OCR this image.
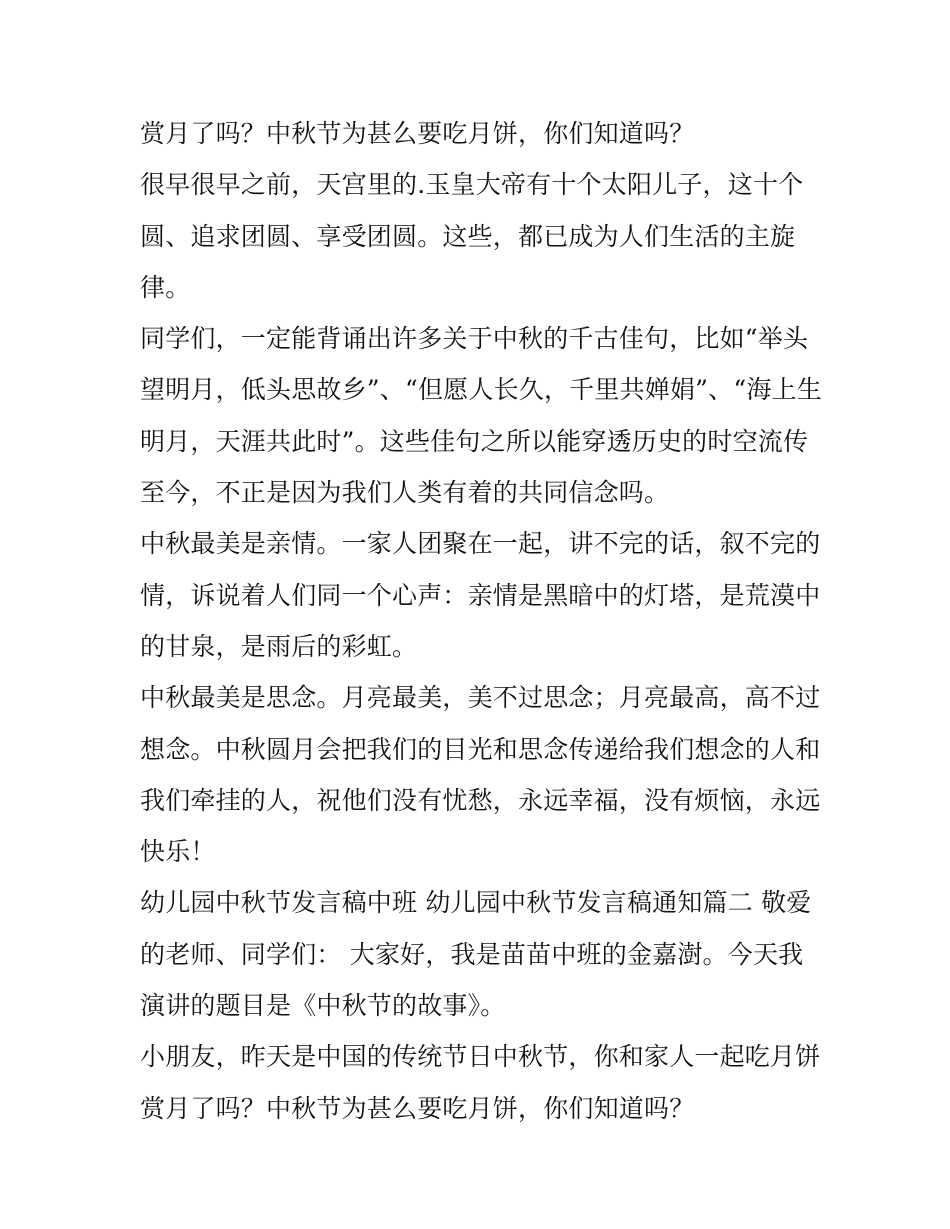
赏月了吗？中秋节为甚么要吃月饼，你们知道吗？

很早很早之前，天宫里的.玉皇大帝有十个太阳儿子，这十个

圆、追求团圆、享受团圆。这些，都已成为人们生活的主旋

律。

同学们，一定能背诵出许多关于中秋的千古佳句，比如“举头

望明月，低头思故乡”、“但愿人长久，千里共婵娟”、“海上生

明月，天涯共此时”。这些佳句之所以能穿透历史的时空流传

至今，不正是因为我们人类有着的共同信念吗。

中秋最美是亲情。一家人团聚在一起，讲不完的话，叙不完的

情，诉说着人们同一个心声：亲情是黑暗中的灯塔，是荒漠中

的甘泉，是雨后的彩虹。

中秋最美是思念。月亮最美，美不过思念；月亮最高，高不过

想念。中秋圆月会把我们的目光和思念传递给我们想念的人和

我们牵挂的人，祝他们没有忧愁，永远幸福，没有烦恼，永远

快乐！

幼儿园中秋节发言稿中班 幼儿园中秋节发言稿通知篇二 敬爱

的老师、同学们： 大家好，我是苗苗中班的金嘉澍。今天我

演讲的题目是《中秋节的故事》。

小朋友，昨天是中国的传统节日中秋节，你和家人一起吃月饼

赏月了吗？中秋节为甚么要吃月饼，你们知道吗？
